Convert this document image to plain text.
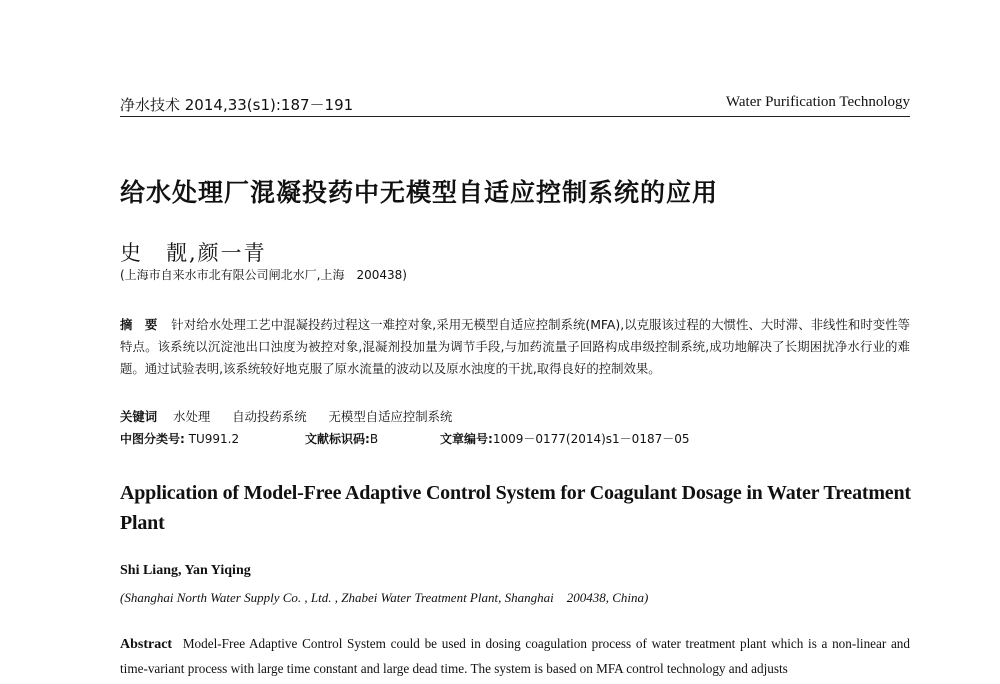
净水技术 2014,33(s1):187－191	Water Purification Technology
给水处理厂混凝投药中无模型自适应控制系统的应用
史　靓,颜一青
(上海市自来水市北有限公司闸北水厂,上海　200438)
摘　要 针对给水处理工艺中混凝投药过程这一难控对象,采用无模型自适应控制系统(MFA),以克服该过程的大惯性、大时滞、非线性和时变性等特点。该系统以沉淀池出口浊度为被控对象,混凝剂投加量为调节手段,与加药流量子回路构成串级控制系统,成功地解决了长期困扰净水行业的难题。通过试验表明,该系统较好地克服了原水流量的波动以及原水浊度的干扰,取得良好的控制效果。
关键词 水处理 自动投药系统 无模型自适应控制系统
中图分类号: TU991.2	文献标识码:B	文章编号:1009－0177(2014)s1－0187－05
Application of Model-Free Adaptive Control System for Coagulant Dosage in Water Treatment Plant
Shi Liang, Yan Yiqing
(Shanghai North Water Supply Co. , Ltd. , Zhabei Water Treatment Plant, Shanghai　200438, China)
Abstract Model-Free Adaptive Control System could be used in dosing coagulation process of water treatment plant which is a non-linear and time-variant process with large time constant and large dead time. The system is based on MFA control technology and adjusts
